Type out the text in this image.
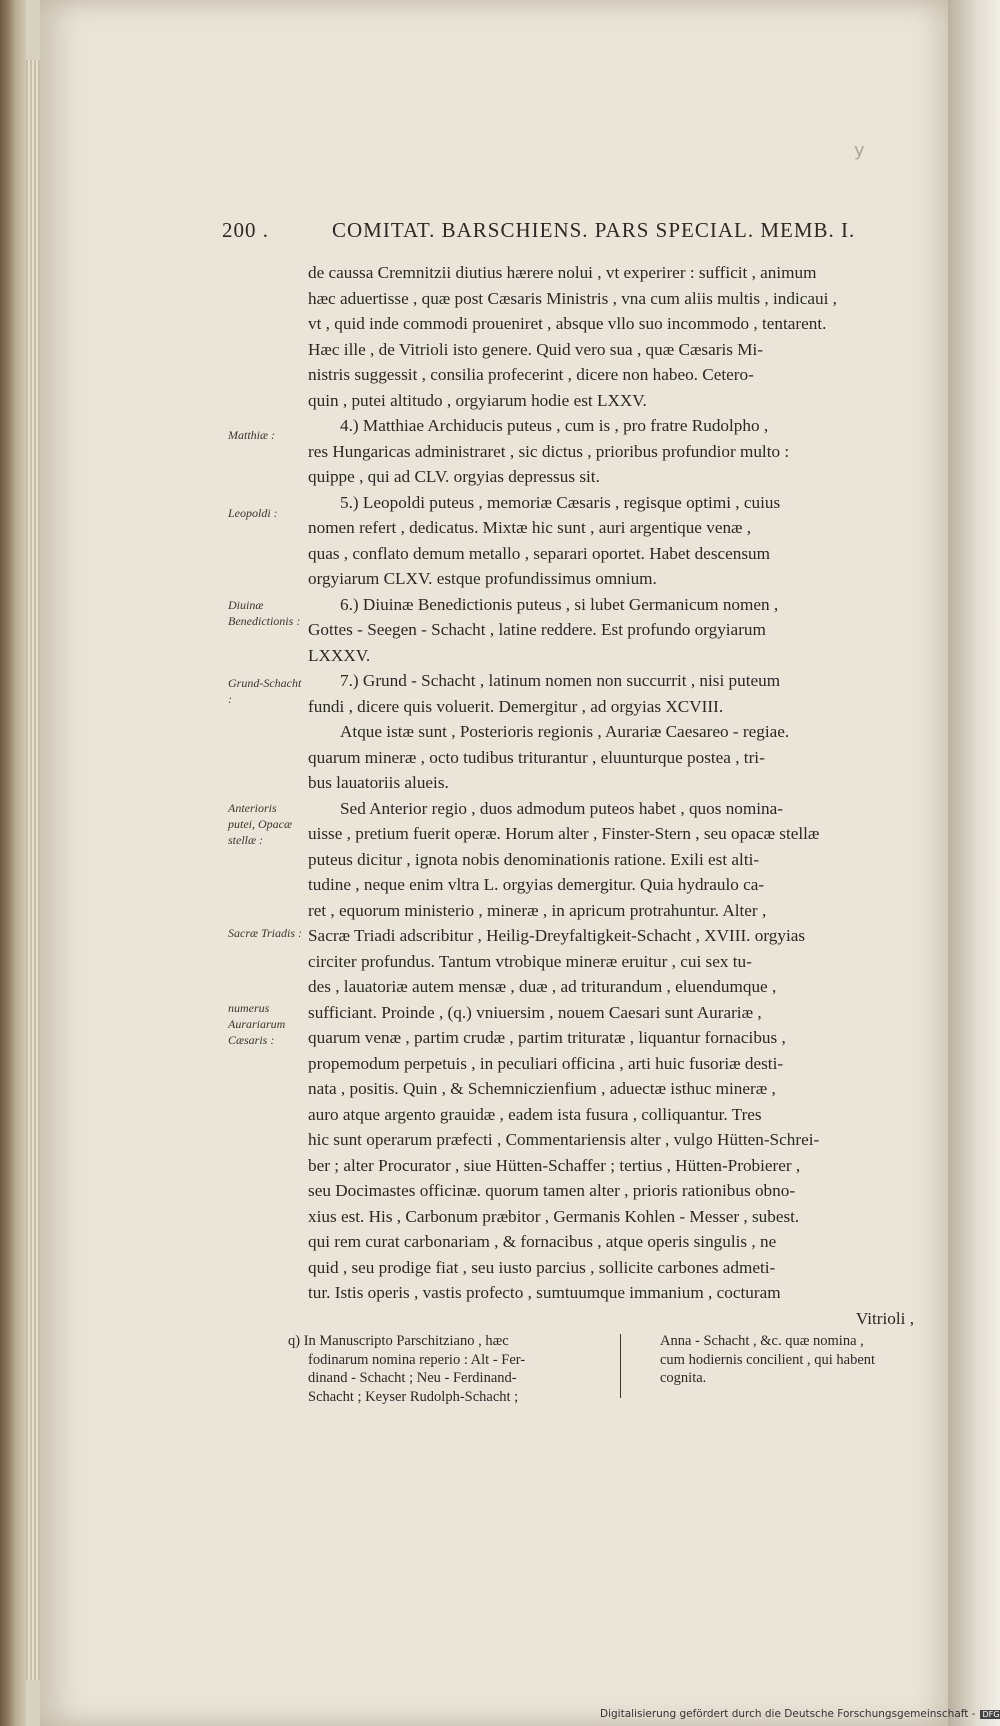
y
200 .	COMITAT. BARSCHIENS. PARS SPECIAL. MEMB. I.
Matthiæ :
Leopoldi :
Diuinæ Benedictionis :
Grund-Schacht :
Anterioris putei, Opacæ stellæ :
Sacræ Triadis :
numerus Aurariarum Cæsaris :
de caussa Cremnitzii diutius hærere nolui , vt experirer : sufficit , animum
hæc aduertisse , quæ post Cæsaris Ministris , vna cum aliis multis , indicaui ,
vt , quid inde commodi proueniret , absque vllo suo incommodo , tentarent.
Hæc ille , de Vitrioli isto genere. Quid vero sua , quæ Cæsaris Mi-
nistris suggessit , consilia profecerint , dicere non habeo. Cetero-
quin , putei altitudo , orgyiarum hodie est LXXV.
4.) Matthiae Archiducis puteus , cum is , pro fratre Rudolpho ,
res Hungaricas administraret , sic dictus , prioribus profundior multo :
quippe , qui ad CLV. orgyias depressus sit.
5.) Leopoldi puteus , memoriæ Cæsaris , regisque optimi , cuius
nomen refert , dedicatus. Mixtæ hic sunt , auri argentique venæ ,
quas , conflato demum metallo , separari oportet. Habet descensum
orgyiarum CLXV. estque profundissimus omnium.
6.) Diuinæ Benedictionis puteus , si lubet Germanicum nomen ,
Gottes - Seegen - Schacht , latine reddere. Est profundo orgyiarum
LXXXV.
7.) Grund - Schacht , latinum nomen non succurrit , nisi puteum
fundi , dicere quis voluerit. Demergitur , ad orgyias XCVIII.
Atque istæ sunt , Posterioris regionis , Aurariæ Caesareo - regiae.
quarum mineræ , octo tudibus triturantur , eluunturque postea , tri-
bus lauatoriis alueis.
Sed Anterior regio , duos admodum puteos habet , quos nomina-
uisse , pretium fuerit operæ. Horum alter , Finster-Stern , seu opacæ stellæ
puteus dicitur , ignota nobis denominationis ratione. Exili est alti-
tudine , neque enim vltra L. orgyias demergitur. Quia hydraulo ca-
ret , equorum ministerio , mineræ , in apricum protrahuntur. Alter ,
Sacræ Triadi adscribitur , Heilig-Dreyfaltigkeit-Schacht , XVIII. orgyias
circiter profundus. Tantum vtrobique mineræ eruitur , cui sex tu-
des , lauatoriæ autem mensæ , duæ , ad triturandum , eluendumque ,
sufficiant. Proinde , (q.) vniuersim , nouem Caesari sunt Aurariæ ,
quarum venæ , partim crudæ , partim trituratæ , liquantur fornacibus ,
propemodum perpetuis , in peculiari officina , arti huic fusoriæ desti-
nata , positis. Quin , & Schemniczienfium , aduectæ isthuc mineræ ,
auro atque argento grauidæ , eadem ista fusura , colliquantur. Tres
hic sunt operarum præfecti , Commentariensis alter , vulgo Hütten-Schrei-
ber ; alter Procurator , siue Hütten-Schaffer ; tertius , Hütten-Probierer ,
seu Docimastes officinæ. quorum tamen alter , prioris rationibus obno-
xius est. His , Carbonum præbitor , Germanis Kohlen - Messer , subest.
qui rem curat carbonariam , & fornacibus , atque operis singulis , ne
quid , seu prodige fiat , seu iusto parcius , sollicite carbones admeti-
tur. Istis operis , vastis profecto , sumtuumque immanium , cocturam
Vitrioli ,
q) In Manuscripto Parschitziano , hæc
fodinarum nomina reperio : Alt - Fer-
dinand - Schacht ; Neu - Ferdinand-
Schacht ; Keyser Rudolph-Schacht ;
Anna - Schacht , &c. quæ nomina ,
cum hodiernis concilient , qui habent
cognita.
Digitalisierung gefördert durch die Deutsche Forschungsgemeinschaft - DFG
